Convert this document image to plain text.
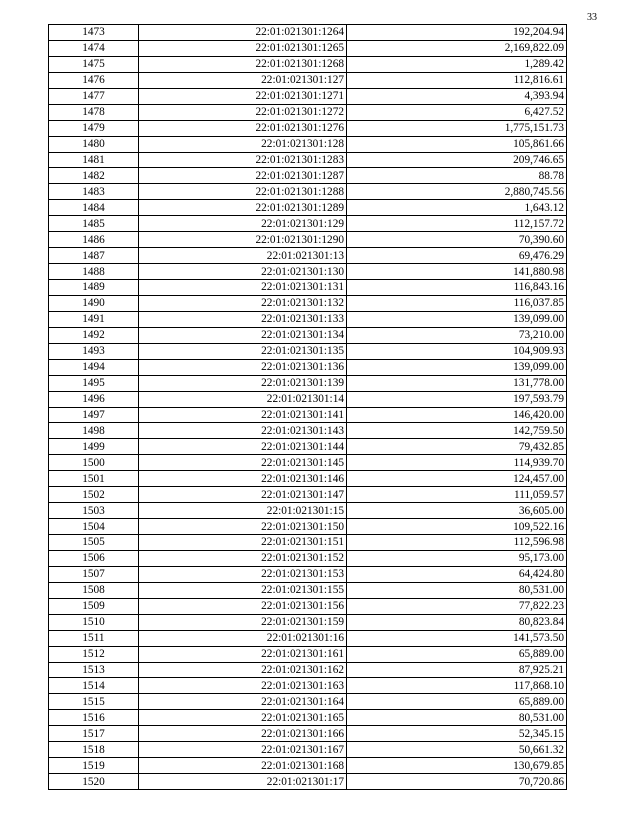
33
1473	22:01:021301:1264	192,204.94
1474	22:01:021301:1265	2,169,822.09
1475	22:01:021301:1268	1,289.42
1476	22:01:021301:127	112,816.61
1477	22:01:021301:1271	4,393.94
1478	22:01:021301:1272	6,427.52
1479	22:01:021301:1276	1,775,151.73
1480	22:01:021301:128	105,861.66
1481	22:01:021301:1283	209,746.65
1482	22:01:021301:1287	88.78
1483	22:01:021301:1288	2,880,745.56
1484	22:01:021301:1289	1,643.12
1485	22:01:021301:129	112,157.72
1486	22:01:021301:1290	70,390.60
1487	22:01:021301:13	69,476.29
1488	22:01:021301:130	141,880.98
1489	22:01:021301:131	116,843.16
1490	22:01:021301:132	116,037.85
1491	22:01:021301:133	139,099.00
1492	22:01:021301:134	73,210.00
1493	22:01:021301:135	104,909.93
1494	22:01:021301:136	139,099.00
1495	22:01:021301:139	131,778.00
1496	22:01:021301:14	197,593.79
1497	22:01:021301:141	146,420.00
1498	22:01:021301:143	142,759.50
1499	22:01:021301:144	79,432.85
1500	22:01:021301:145	114,939.70
1501	22:01:021301:146	124,457.00
1502	22:01:021301:147	111,059.57
1503	22:01:021301:15	36,605.00
1504	22:01:021301:150	109,522.16
1505	22:01:021301:151	112,596.98
1506	22:01:021301:152	95,173.00
1507	22:01:021301:153	64,424.80
1508	22:01:021301:155	80,531.00
1509	22:01:021301:156	77,822.23
1510	22:01:021301:159	80,823.84
1511	22:01:021301:16	141,573.50
1512	22:01:021301:161	65,889.00
1513	22:01:021301:162	87,925.21
1514	22:01:021301:163	117,868.10
1515	22:01:021301:164	65,889.00
1516	22:01:021301:165	80,531.00
1517	22:01:021301:166	52,345.15
1518	22:01:021301:167	50,661.32
1519	22:01:021301:168	130,679.85
1520	22:01:021301:17	70,720.86
